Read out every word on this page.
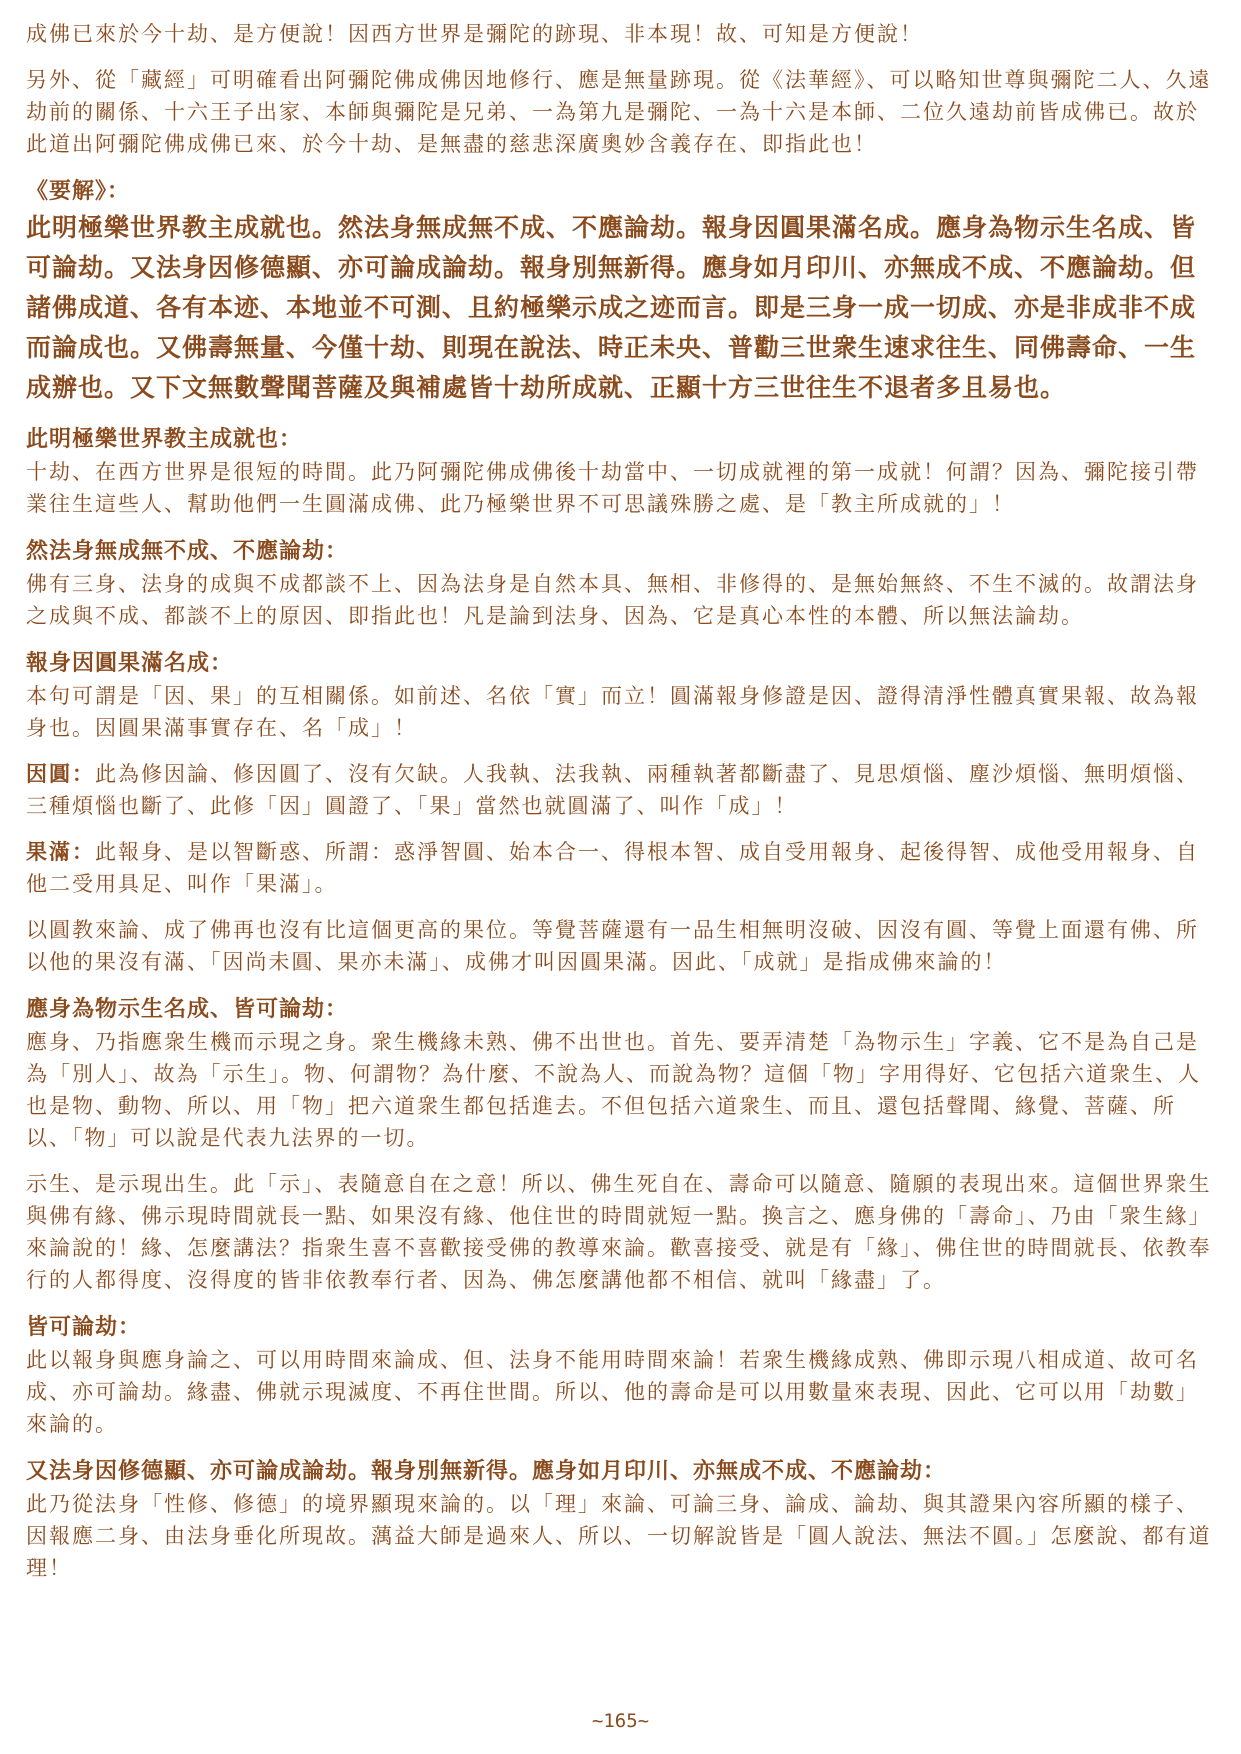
成佛已來於今十劫、是方便說！因西方世界是彌陀的跡現、非本現！故、可知是方便說！

另外、從「藏經」可明確看出阿彌陀佛成佛因地修行、應是無量跡現。從《法華經》、可以略知世尊與彌陀二人、久遠劫前的關係、十六王子出家、本師與彌陀是兄弟、一為第九是彌陀、一為十六是本師、二位久遠劫前皆成佛已。故於此道出阿彌陀佛成佛已來、於今十劫、是無盡的慈悲深廣奧妙含義存在、即指此也！

《要解》：

此明極樂世界教主成就也。然法身無成無不成、不應論劫。報身因圓果滿名成。應身為物示生名成、皆可論劫。又法身因修德顯、亦可論成論劫。報身別無新得。應身如月印川、亦無成不成、不應論劫。但諸佛成道、各有本迹、本地並不可測、且約極樂示成之迹而言。即是三身一成一切成、亦是非成非不成而論成也。又佛壽無量、今僅十劫、則現在說法、時正未央、普勸三世衆生速求往生、同佛壽命、一生成辦也。又下文無數聲聞菩薩及與補處皆十劫所成就、正顯十方三世往生不退者多且易也。

此明極樂世界教主成就也：

十劫、在西方世界是很短的時間。此乃阿彌陀佛成佛後十劫當中、一切成就裡的第一成就！何謂？因為、彌陀接引帶業往生這些人、幫助他們一生圓滿成佛、此乃極樂世界不可思議殊勝之處、是「教主所成就的」！

然法身無成無不成、不應論劫：

佛有三身、法身的成與不成都談不上、因為法身是自然本具、無相、非修得的、是無始無終、不生不滅的。故謂法身之成與不成、都談不上的原因、即指此也！凡是論到法身、因為、它是真心本性的本體、所以無法論劫。

報身因圓果滿名成：

本句可謂是「因、果」的互相關係。如前述、名依「實」而立！圓滿報身修證是因、證得清淨性體真實果報、故為報身也。因圓果滿事實存在、名「成」！

因圓：此為修因論、修因圓了、沒有欠缺。人我執、法我執、兩種執著都斷盡了、見思煩惱、塵沙煩惱、無明煩惱、三種煩惱也斷了、此修「因」圓證了、「果」當然也就圓滿了、叫作「成」！

果滿：此報身、是以智斷惑、所謂：惑淨智圓、始本合一、得根本智、成自受用報身、起後得智、成他受用報身、自他二受用具足、叫作「果滿」。

以圓教來論、成了佛再也沒有比這個更高的果位。等覺菩薩還有一品生相無明沒破、因沒有圓、等覺上面還有佛、所以他的果沒有滿、「因尚未圓、果亦未滿」、成佛才叫因圓果滿。因此、「成就」是指成佛來論的！

應身為物示生名成、皆可論劫：

應身、乃指應衆生機而示現之身。衆生機緣未熟、佛不出世也。首先、要弄清楚「為物示生」字義、它不是為自己是為「別人」、故為「示生」。物、何謂物？為什麼、不說為人、而說為物？這個「物」字用得好、它包括六道衆生、人也是物、動物、所以、用「物」把六道衆生都包括進去。不但包括六道衆生、而且、還包括聲聞、緣覺、菩薩、所以、「物」可以說是代表九法界的一切。

示生、是示現出生。此「示」、表隨意自在之意！所以、佛生死自在、壽命可以隨意、隨願的表現出來。這個世界衆生與佛有緣、佛示現時間就長一點、如果沒有緣、他住世的時間就短一點。換言之、應身佛的「壽命」、乃由「衆生緣」來論說的！緣、怎麼講法？指衆生喜不喜歡接受佛的教導來論。歡喜接受、就是有「緣」、佛住世的時間就長、依教奉行的人都得度、沒得度的皆非依教奉行者、因為、佛怎麼講他都不相信、就叫「緣盡」了。

皆可論劫：

此以報身與應身論之、可以用時間來論成、但、法身不能用時間來論！若衆生機緣成熟、佛即示現八相成道、故可名成、亦可論劫。緣盡、佛就示現滅度、不再住世間。所以、他的壽命是可以用數量來表現、因此、它可以用「劫數」來論的。

又法身因修德顯、亦可論成論劫。報身別無新得。應身如月印川、亦無成不成、不應論劫：

此乃從法身「性修、修德」的境界顯現來論的。以「理」來論、可論三身、論成、論劫、與其證果內容所顯的樣子、因報應二身、由法身垂化所現故。蕅益大師是過來人、所以、一切解說皆是「圓人說法、無法不圓。」怎麼說、都有道理！

~165~
